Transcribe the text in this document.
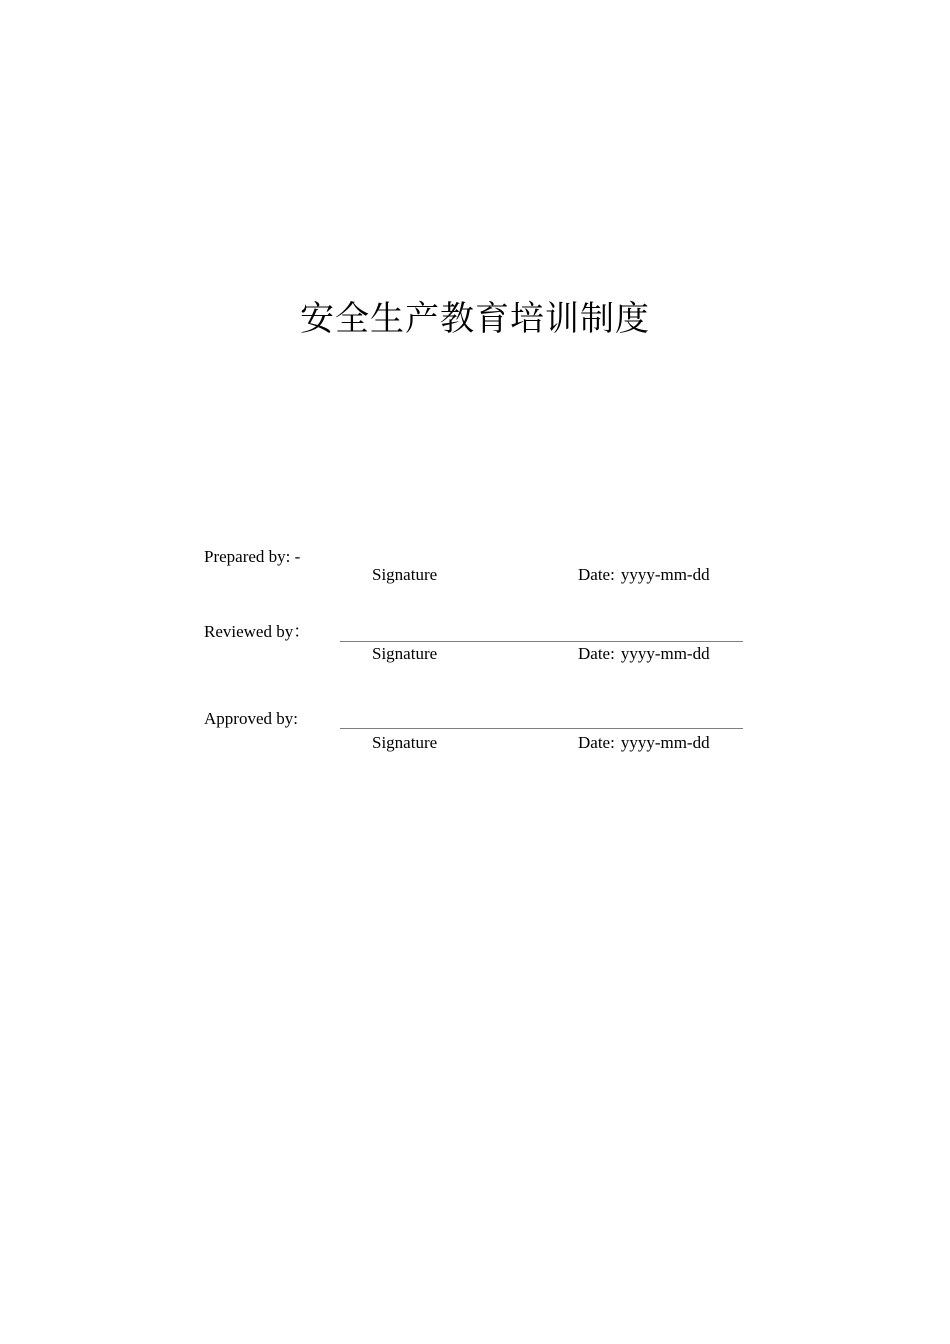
安全生产教育培训制度
Prepared by: -
Signature	Date: yyyy-mm-dd
Reviewed by：
Signature	Date: yyyy-mm-dd
Approved by:
Signature	Date: yyyy-mm-dd
